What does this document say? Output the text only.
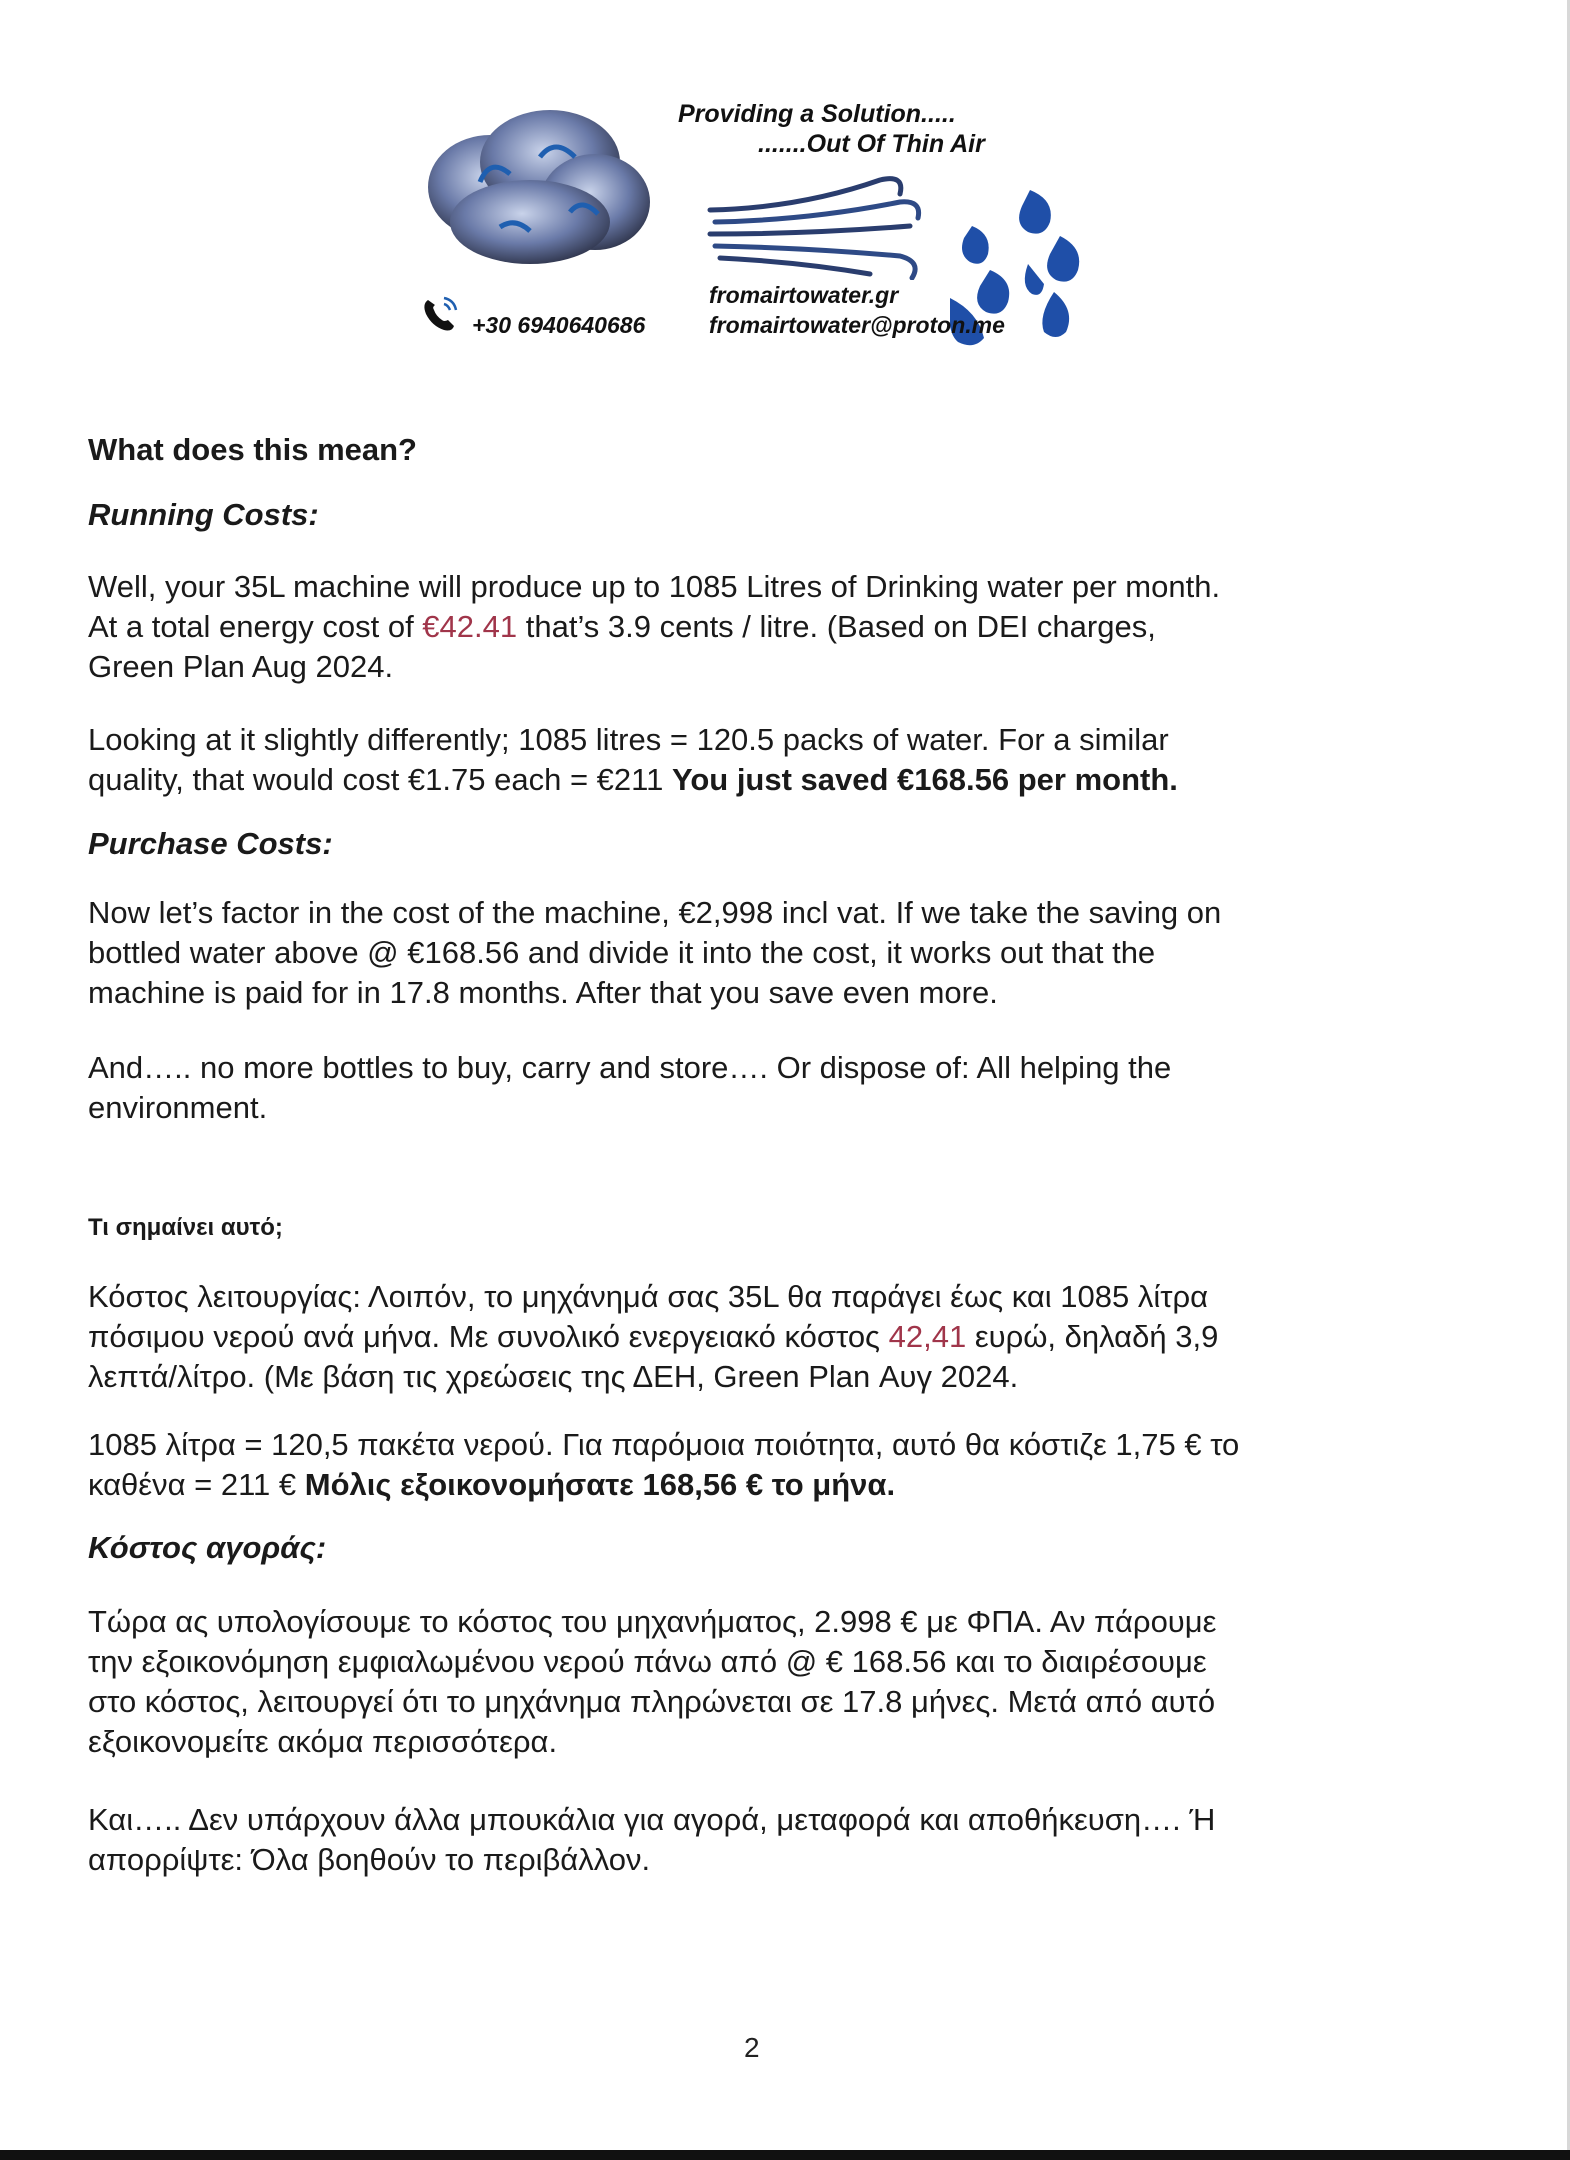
Providing a Solution.....
.......Out Of Thin Air
+30 6940640686
fromairtowater.gr
fromairtowater@proton.me
What does this mean?
Running Costs:
Well, your 35L machine will produce up to 1085 Litres of Drinking water per month.
At a total energy cost of €42.41 that’s 3.9 cents / litre. (Based on DEI charges,
Green Plan Aug 2024.
Looking at it slightly differently; 1085 litres = 120.5 packs of water. For a similar
quality, that would cost €1.75 each = €211 You just saved €168.56 per month.
Purchase Costs:
Now let’s factor in the cost of the machine, €2,998 incl vat. If we take the saving on
bottled water above @ €168.56 and divide it into the cost, it works out that the
machine is paid for in 17.8 months. After that you save even more.
And….. no more bottles to buy, carry and store…. Or dispose of: All helping the
environment.
Τι σημαίνει αυτό;
Κόστος λειτουργίας: Λοιπόν, το μηχάνημά σας 35L θα παράγει έως και 1085 λίτρα
πόσιμου νερού ανά μήνα. Με συνολικό ενεργειακό κόστος 42,41 ευρώ, δηλαδή 3,9
λεπτά/λίτρο. (Με βάση τις χρεώσεις της ΔΕΗ, Green Plan Αυγ 2024.
1085 λίτρα = 120,5 πακέτα νερού. Για παρόμοια ποιότητα, αυτό θα κόστιζε 1,75 € το
καθένα = 211 € Μόλις εξοικονομήσατε 168,56 € το μήνα.
Κόστος αγοράς:
Τώρα ας υπολογίσουμε το κόστος του μηχανήματος, 2.998 € με ΦΠΑ. Αν πάρουμε
την εξοικονόμηση εμφιαλωμένου νερού πάνω από @ € 168.56 και το διαιρέσουμε
στο κόστος, λειτουργεί ότι το μηχάνημα πληρώνεται σε 17.8 μήνες. Μετά από αυτό
εξοικονομείτε ακόμα περισσότερα.
Και….. Δεν υπάρχουν άλλα μπουκάλια για αγορά, μεταφορά και αποθήκευση…. Ή
απορρίψτε: Όλα βοηθούν το περιβάλλον.
2
